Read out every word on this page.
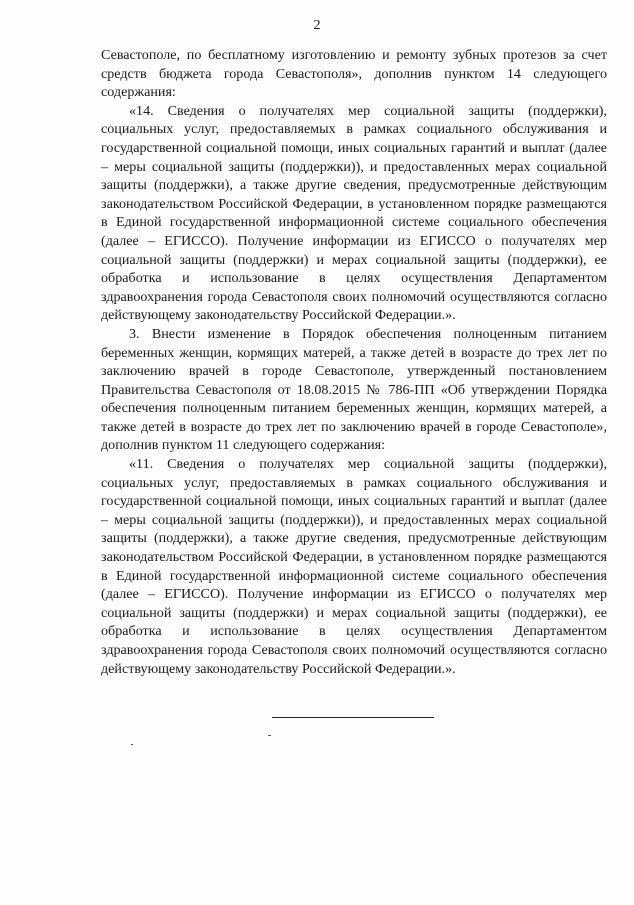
2

Севастополе, по бесплатному изготовлению и ремонту зубных протезов за счет средств бюджета города Севастополя», дополнив пунктом 14 следующего содержания:

«14. Сведения о получателях мер социальной защиты (поддержки), социальных услуг, предоставляемых в рамках социального обслуживания и государственной социальной помощи, иных социальных гарантий и выплат (далее – меры социальной защиты (поддержки)), и предоставленных мерах социальной защиты (поддержки), а также другие сведения, предусмотренные действующим законодательством Российской Федерации, в установленном порядке размещаются в Единой государственной информационной системе социального обеспечения (далее – ЕГИССО). Получение информации из ЕГИССО о получателях мер социальной защиты (поддержки) и мерах социальной защиты (поддержки), ее обработка и использование в целях осуществления Департаментом здравоохранения города Севастополя своих полномочий осуществляются согласно действующему законодательству Российской Федерации.».

3. Внести изменение в Порядок обеспечения полноценным питанием беременных женщин, кормящих матерей, а также детей в возрасте до трех лет по заключению врачей в городе Севастополе, утвержденный постановлением Правительства Севастополя от 18.08.2015 № 786-ПП «Об утверждении Порядка обеспечения полноценным питанием беременных женщин, кормящих матерей, а также детей в возрасте до трех лет по заключению врачей в городе Севастополе», дополнив пунктом 11 следующего содержания:

«11. Сведения о получателях мер социальной защиты (поддержки), социальных услуг, предоставляемых в рамках социального обслуживания и государственной социальной помощи, иных социальных гарантий и выплат (далее – меры социальной защиты (поддержки)), и предоставленных мерах социальной защиты (поддержки), а также другие сведения, предусмотренные действующим законодательством Российской Федерации, в установленном порядке размещаются в Единой государственной информационной системе социального обеспечения (далее – ЕГИССО). Получение информации из ЕГИССО о получателях мер социальной защиты (поддержки) и мерах социальной защиты (поддержки), ее обработка и использование в целях осуществления Департаментом здравоохранения города Севастополя своих полномочий осуществляются согласно действующему законодательству Российской Федерации.».
